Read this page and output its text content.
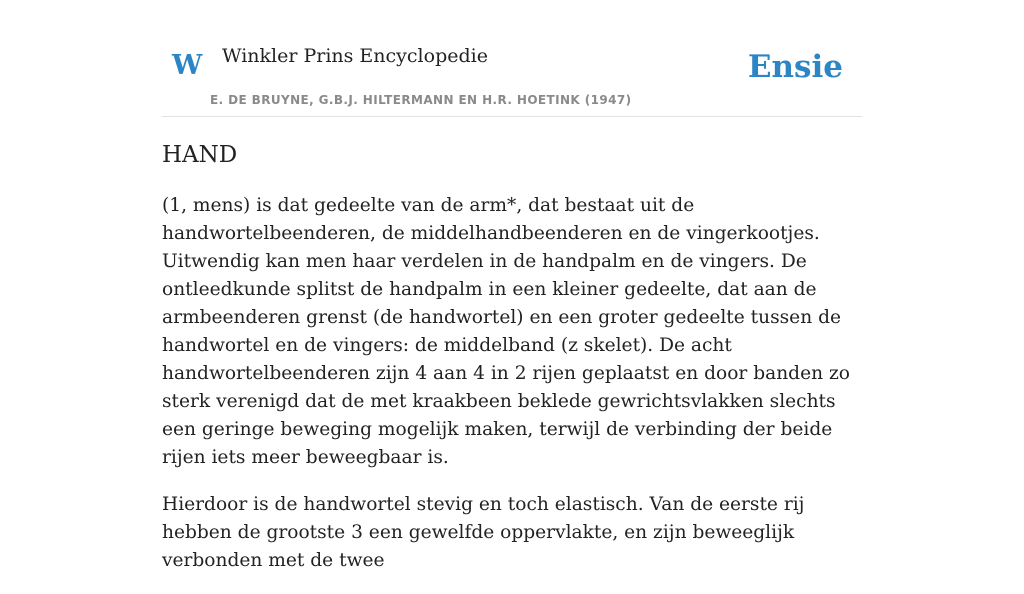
W Winkler Prins Encyclopedie
E. DE BRUYNE, G.B.J. HILTERMANN EN H.R. HOETINK (1947)
Ensie
HAND

(1, mens) is dat gedeelte van de arm*, dat bestaat uit de handwortelbeenderen, de middelhandbeenderen en de vingerkootjes. Uitwendig kan men haar verdelen in de handpalm en de vingers. De ontleedkunde splitst de handpalm in een kleiner gedeelte, dat aan de armbeenderen grenst (de handwortel) en een groter gedeelte tussen de handwortel en de vingers: de middelband (z skelet). De acht handwortelbeenderen zijn 4 aan 4 in 2 rijen geplaatst en door banden zo sterk verenigd dat de met kraakbeen beklede gewrichtsvlakken slechts een geringe beweging mogelijk maken, terwijl de verbinding der beide rijen iets meer beweegbaar is.

Hierdoor is de handwortel stevig en toch elastisch. Van de eerste rij hebben de grootste 3 een gewelfde oppervlakte, en zijn beweeglijk verbonden met de twee
